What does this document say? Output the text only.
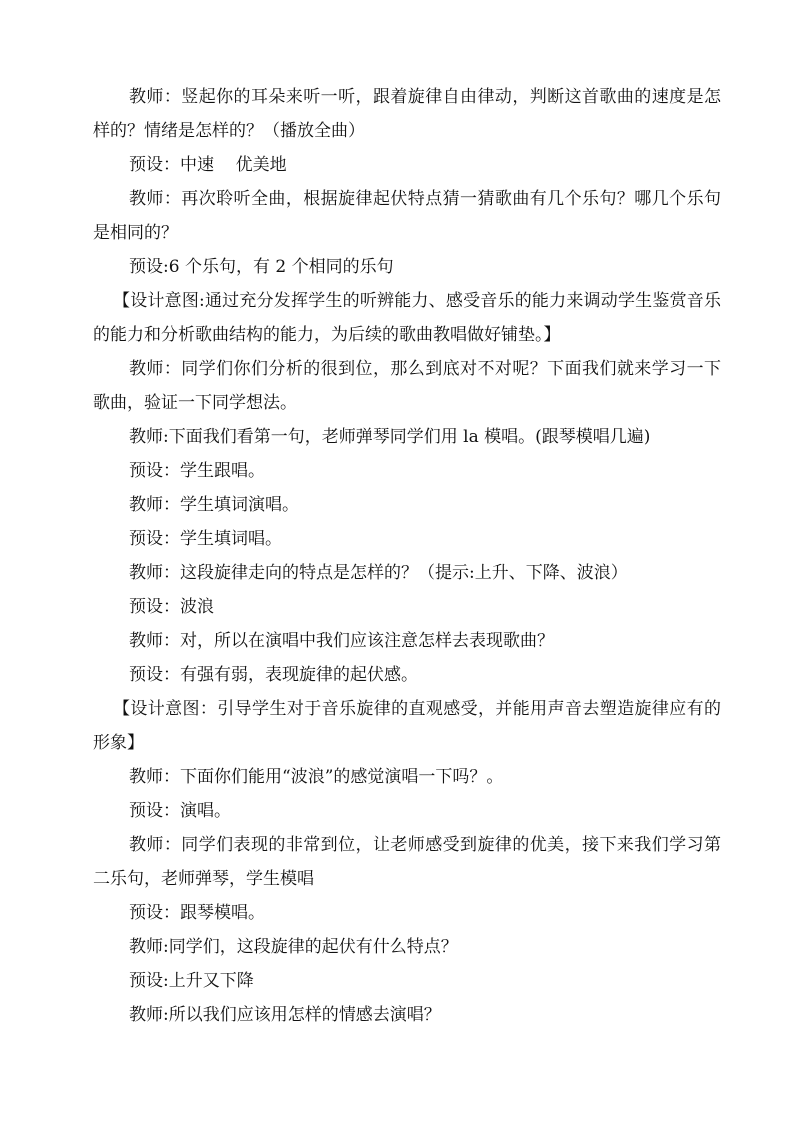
教师：竖起你的耳朵来听一听，跟着旋律自由律动，判断这首歌曲的速度是怎样的？情绪是怎样的？（播放全曲）

预设：中速    优美地

教师：再次聆听全曲，根据旋律起伏特点猜一猜歌曲有几个乐句？哪几个乐句是相同的？

预设:6 个乐句，有 2 个相同的乐句

【设计意图:通过充分发挥学生的听辨能力、感受音乐的能力来调动学生鉴赏音乐的能力和分析歌曲结构的能力，为后续的歌曲教唱做好铺垫。】

教师：同学们你们分析的很到位，那么到底对不对呢？下面我们就来学习一下歌曲，验证一下同学想法。

教师:下面我们看第一句，老师弹琴同学们用 la 模唱。(跟琴模唱几遍)

预设：学生跟唱。

教师：学生填词演唱。

预设：学生填词唱。

教师：这段旋律走向的特点是怎样的？（提示:上升、下降、波浪）

预设：波浪

教师：对，所以在演唱中我们应该注意怎样去表现歌曲？

预设：有强有弱，表现旋律的起伏感。

【设计意图：引导学生对于音乐旋律的直观感受，并能用声音去塑造旋律应有的形象】

教师：下面你们能用“波浪”的感觉演唱一下吗？。

预设：演唱。

教师：同学们表现的非常到位，让老师感受到旋律的优美，接下来我们学习第二乐句，老师弹琴，学生模唱

预设：跟琴模唱。

教师:同学们，这段旋律的起伏有什么特点？

预设:上升又下降

教师:所以我们应该用怎样的情感去演唱？
